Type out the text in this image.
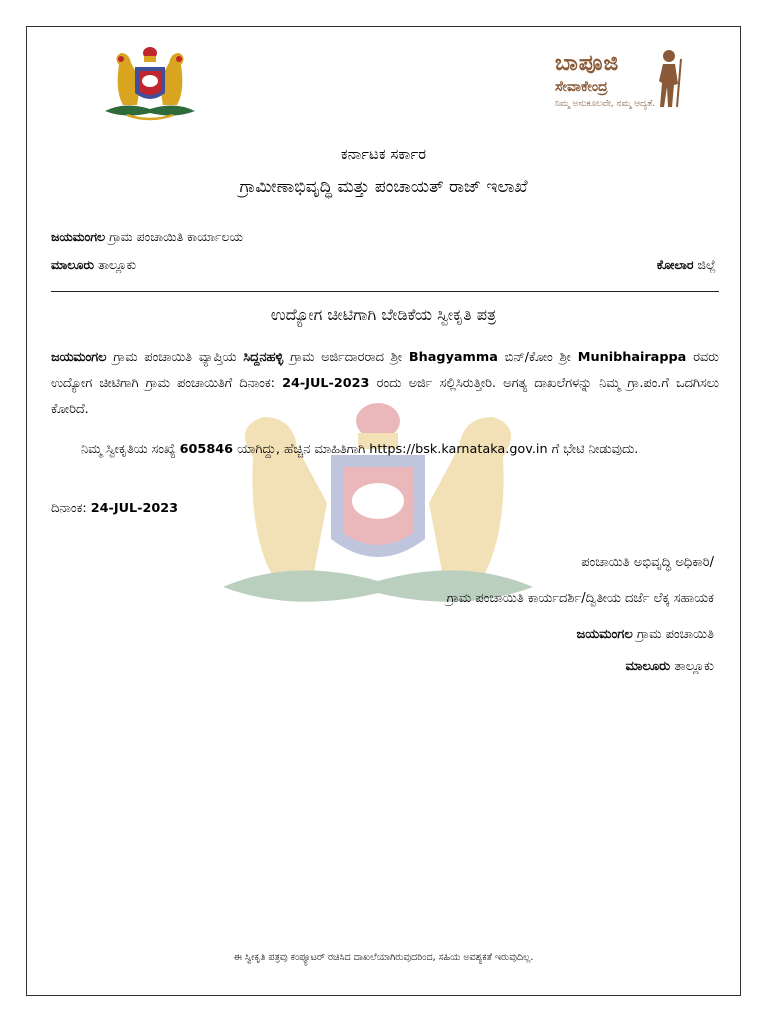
ಬಾಪೂಜಿ
ಸೇವಾಕೇಂದ್ರ
ನಿಮ್ಮ ಅನುಕೂಲವೇ, ನಮ್ಮ ಆದ್ಯತೆ.
ಕರ್ನಾಟಕ ಸರ್ಕಾರ
ಗ್ರಾಮೀಣಾಭಿವೃದ್ಧಿ ಮತ್ತು ಪಂಚಾಯತ್ ರಾಜ್ ಇಲಾಖೆ
ಜಯಮಂಗಲ ಗ್ರಾಮ ಪಂಚಾಯಿತಿ ಕಾರ್ಯಾಲಯ
ಮಾಲೂರು ತಾಲ್ಲೂಕು	ಕೋಲಾರ ಜಿಲ್ಲೆ
ಉದ್ಯೋಗ ಚೀಟಿಗಾಗಿ ಬೇಡಿಕೆಯ ಸ್ವೀಕೃತಿ ಪತ್ರ
ಜಯಮಂಗಲ ಗ್ರಾಮ ಪಂಚಾಯಿತಿ ವ್ಯಾಪ್ತಿಯ ಸಿದ್ದನಹಳ್ಳಿ ಗ್ರಾಮ ಅರ್ಜಿದಾರರಾದ ಶ್ರೀ Bhagyamma ಬಿನ್/ಕೋಂ ಶ್ರೀ Munibhairappa ರವರು ಉದ್ಯೋಗ ಚೀಟಿಗಾಗಿ ಗ್ರಾಮ ಪಂಚಾಯಿತಿಗೆ ದಿನಾಂಕ: 24-JUL-2023 ರಂದು ಅರ್ಜಿ ಸಲ್ಲಿಸಿರುತ್ತೀರಿ. ಅಗತ್ಯ ದಾಖಲೆಗಳನ್ನು ನಿಮ್ಮ ಗ್ರಾ.ಪಂ.ಗೆ ಒದಗಿಸಲು ಕೋರಿದೆ.
ನಿಮ್ಮ ಸ್ವೀಕೃತಿಯ ಸಂಖ್ಯೆ 605846 ಯಾಗಿದ್ದು, ಹೆಚ್ಚಿನ ಮಾಹಿತಿಗಾಗಿ https://bsk.karnataka.gov.in ಗೆ ಭೇಟಿ ನೀಡುವುದು.
ದಿನಾಂಕ: 24-JUL-2023
ಪಂಚಾಯಿತಿ ಅಭಿವೃದ್ಧಿ ಅಧಿಕಾರಿ/
ಗ್ರಾಮ ಪಂಚಾಯಿತಿ ಕಾರ್ಯದರ್ಶಿ/ದ್ವಿತೀಯ ದರ್ಜೆ ಲೆಕ್ಕ ಸಹಾಯಕ
ಜಯಮಂಗಲ ಗ್ರಾಮ ಪಂಚಾಯಿತಿ
ಮಾಲೂರು ತಾಲ್ಲೂಕು
ಈ ಸ್ವೀಕೃತಿ ಪತ್ರವು ಕಂಪ್ಯೂಟರ್ ರಚಿಸಿದ ದಾಖಲೆಯಾಗಿರುವುದರಿಂದ, ಸಹಿಯ ಅವಶ್ಯಕತೆ ಇರುವುದಿಲ್ಲ.
